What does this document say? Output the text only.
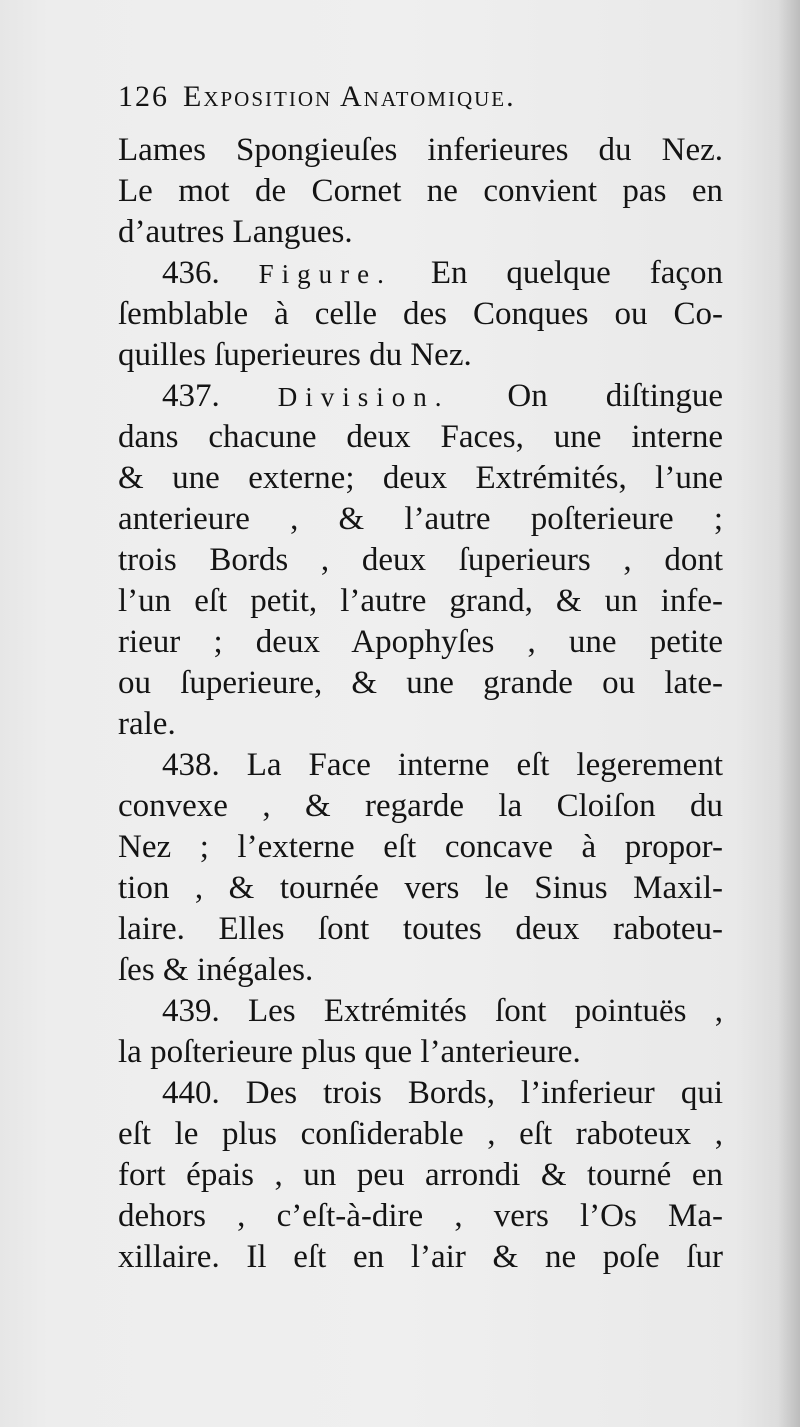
126 Exposition Anatomique.
Lames Spongieuſes inferieures du Nez.
Le mot de Cornet ne convient pas en
d’autres Langues.
436. Figure. En quelque façon
ſemblable à celle des Conques ou Co-
quilles ſuperieures du Nez.
437. Division. On diſtingue
dans chacune deux Faces, une interne
& une externe; deux Extrémités, l’une
anterieure , & l’autre poſterieure ;
trois Bords , deux ſuperieurs , dont
l’un eſt petit, l’autre grand, & un infe-
rieur ; deux Apophyſes , une petite
ou ſuperieure, & une grande ou late-
rale.
438. La Face interne eſt legerement
convexe , & regarde la Cloiſon du
Nez ; l’externe eſt concave à propor-
tion , & tournée vers le Sinus Maxil-
laire. Elles ſont toutes deux raboteu-
ſes & inégales.
439. Les Extrémités ſont pointuës ,
la poſterieure plus que l’anterieure.
440. Des trois Bords, l’inferieur qui
eſt le plus conſiderable , eſt raboteux ,
fort épais , un peu arrondi & tourné en
dehors , c’eſt-à-dire , vers l’Os Ma-
xillaire. Il eſt en l’air & ne poſe ſur
